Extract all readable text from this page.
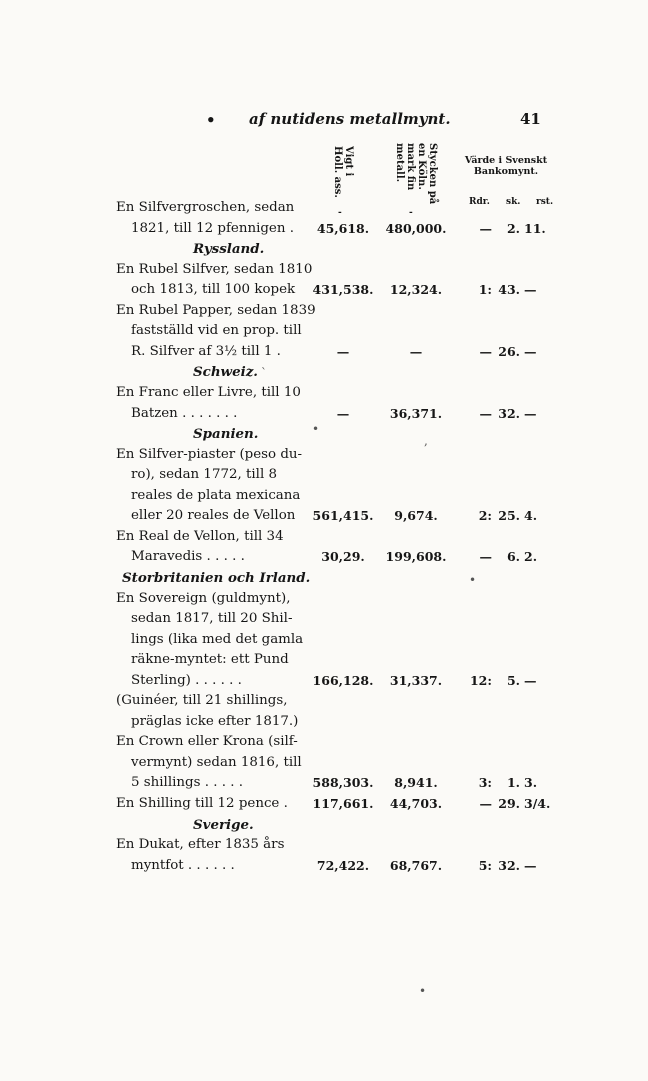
• af nutidens metallmynt.	41
Vigt i Holl. ass.	Stycken på en Köln. mark fin metall.	Värde i Svenskt Bankomynt.
Rdr. sk. rst.
-	-
En Silfvergroschen, sedan
1821, till 12 pfennigen .	45,618.	480,000.	—	2. 11.
Ryssland.
En Rubel Silfver, sedan 1810
och 1813, till 100 kopek 431,538.	12,324.	1: 43. —
En Rubel Papper, sedan 1839
fastställd vid en prop. till
R. Silfver af 3½ till 1 .	—	—	— 26. —
Schweiz.
En Franc eller Livre, till 10
Batzen . . . . . . .	—	36,371.	— 32. —
Spanien.
En Silfver-piaster (peso du-
ro), sedan 1772, till 8
reales de plata mexicana
eller 20 reales de Vellon 561,415.	9,674.	2: 25. 4.
En Real de Vellon, till 34
Maravedis . . . . .	30,29.	199,608.	—	6. 2.
Storbritanien och Irland.
En Sovereign (guldmynt),
sedan 1817, till 20 Shil-
lings (lika med det gamla
räkne-myntet: ett Pund
Sterling) . . . . . .	166,128.	31,337.	12:	5. —
(Guinéer, till 21 shillings,
präglas icke efter 1817.)
En Crown eller Krona (silf-
vermynt) sedan 1816, till
5 shillings . . . . .	588,303.	8,941.	3:	1. 3.
En Shilling till 12 pence . 117,661.	44,703.	— 29. 3/4.
Sverige.
En Dukat, efter 1835 års
myntfot . . . . . .	72,422.	68,767.	5: 32. —
ˋ
•
,
•
•
